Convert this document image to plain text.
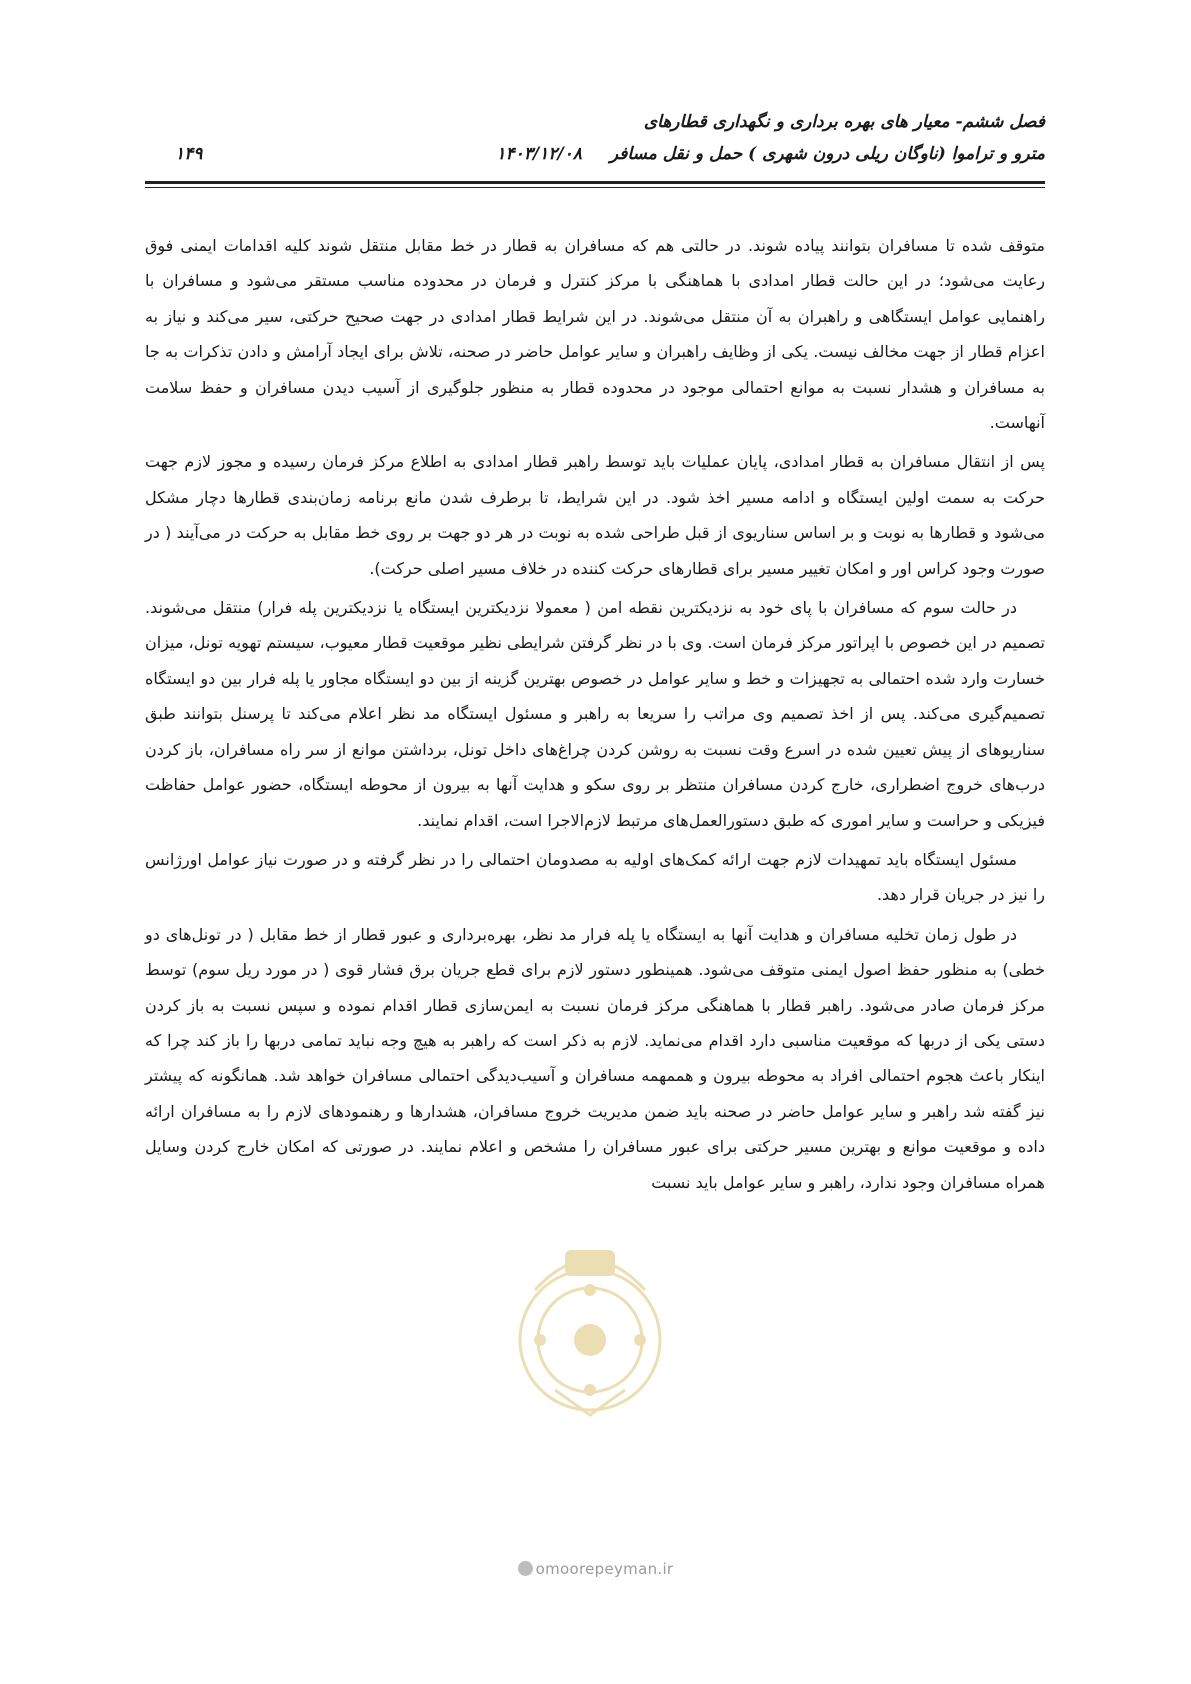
فصل ششم- معیار های بهره برداری و نگهداری قطارهای
مترو و تراموا (ناوگان ریلی درون شهری ) حمل و نقل مسافر۱۴۰۳/۱۲/۰۸
۱۴۹

متوقف شده تا مسافران بتوانند پیاده شوند. در حالتی هم که مسافران به قطار در خط مقابل منتقل شوند کلیه اقدامات ایمنی فوق رعایت می‌شود؛ در این حالت قطار امدادی با هماهنگی با مرکز کنترل و فرمان در محدوده مناسب مستقر می‌شود و مسافران با راهنمایی عوامل ایستگاهی و راهبران به آن منتقل می‌شوند. در این شرایط قطار امدادی در جهت صحیح حرکتی، سیر می‌کند و نیاز به اعزام قطار از جهت مخالف نیست. یکی از وظایف راهبران و سایر عوامل حاضر در صحنه، تلاش برای ایجاد آرامش و دادن تذکرات به جا به مسافران و هشدار نسبت به موانع احتمالی موجود در محدوده قطار به منظور جلوگیری از آسیب دیدن مسافران و حفظ سلامت آنهاست.

پس از انتقال مسافران به قطار امدادی، پایان عملیات باید توسط راهبر قطار امدادی به اطلاع مرکز فرمان رسیده و مجوز لازم جهت حرکت به سمت اولین ایستگاه و ادامه مسیر اخذ شود. در این شرایط، تا برطرف شدن مانع برنامه زمان‌بندی قطارها دچار مشکل می‌شود و قطارها به نوبت و بر اساس سناریوی از قبل طراحی شده به نوبت در هر دو جهت بر روی خط مقابل به حرکت در می‌آیند ( در صورت وجود کراس اور و امکان تغییر مسیر برای قطارهای حرکت کننده در خلاف مسیر اصلی حرکت).

در حالت سوم که مسافران با پای خود به نزدیکترین نقطه امن ( معمولا نزدیکترین ایستگاه یا نزدیکترین پله فرار) منتقل می‌شوند. تصمیم در این خصوص با اپراتور مرکز فرمان است. وی با در نظر گرفتن شرایطی نظیر موقعیت قطار معیوب، سیستم تهویه تونل، میزان خسارت وارد شده احتمالی به تجهیزات و خط و سایر عوامل در خصوص بهترین گزینه از بین دو ایستگاه مجاور یا پله فرار بین دو ایستگاه تصمیم‌گیری می‌کند. پس از اخذ تصمیم وی مراتب را سریعا به راهبر و مسئول ایستگاه مد نظر اعلام می‌کند تا پرسنل بتوانند طبق سناریوهای از پیش تعیین شده در اسرع وقت نسبت به روشن کردن چراغ‌های داخل تونل، برداشتن موانع از سر راه مسافران، باز کردن درب‌های خروج اضطراری، خارج کردن مسافران منتظر بر روی سکو و هدایت آنها به بیرون از محوطه ایستگاه، حضور عوامل حفاظت فیزیکی و حراست و سایر اموری که طبق دستورالعمل‌های مرتبط لازم‌الاجرا است، اقدام نمایند.

مسئول ایستگاه باید تمهیدات لازم جهت ارائه کمک‌های اولیه به مصدومان احتمالی را در نظر گرفته و در صورت نیاز عوامل اورژانس را نیز در جریان قرار دهد.

در طول زمان تخلیه مسافران و هدایت آنها به ایستگاه یا پله فرار مد نظر، بهره‌برداری و عبور قطار از خط مقابل ( در تونل‌های دو خطی) به منظور حفظ اصول ایمنی متوقف می‌شود. همینطور دستور لازم برای قطع جریان برق فشار قوی ( در مورد ریل سوم) توسط مرکز فرمان صادر می‌شود. راهبر قطار با هماهنگی مرکز فرمان نسبت به ایمن‌سازی قطار اقدام نموده و سپس نسبت به باز کردن دستی یکی از دربها که موقعیت مناسبی دارد اقدام می‌نماید. لازم به ذکر است که راهبر به هیچ وجه نباید تمامی دربها را باز کند چرا که اینکار باعث هجوم احتمالی افراد به محوطه بیرون و هممهمه مسافران و آسیب‌دیدگی احتمالی مسافران خواهد شد. همانگونه که پیشتر نیز گفته شد راهبر و سایر عوامل حاضر در صحنه باید ضمن مدیریت خروج مسافران، هشدارها و رهنمودهای لازم را به مسافران ارائه داده و موقعیت موانع و بهترین مسیر حرکتی برای عبور مسافران را مشخص و اعلام نمایند. در صورتی که امکان خارج کردن وسایل همراه مسافران وجود ندارد، راهبر و سایر عوامل باید نسبت

omoorepeyman.ir
